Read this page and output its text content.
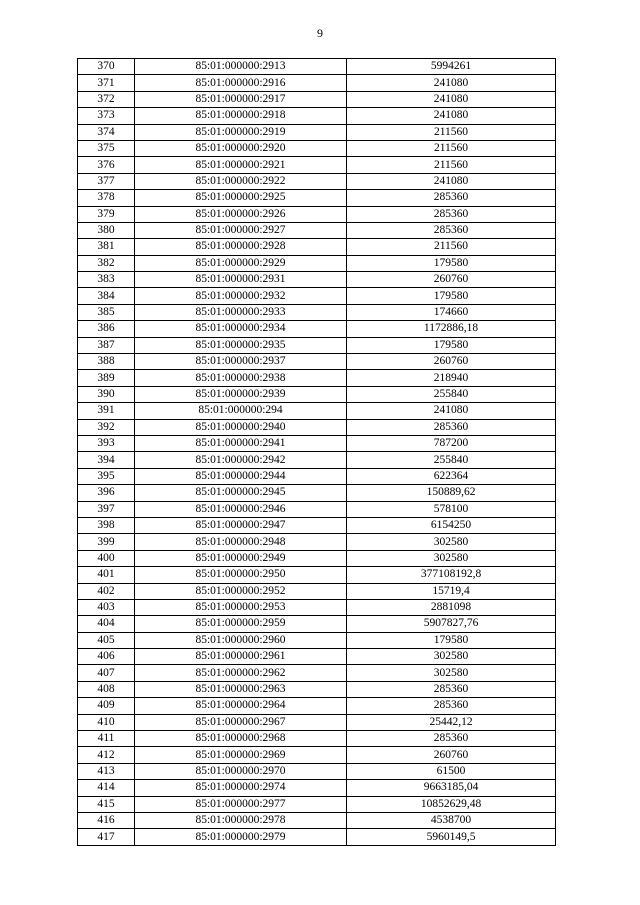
9
370	85:01:000000:2913	5994261
371	85:01:000000:2916	241080
372	85:01:000000:2917	241080
373	85:01:000000:2918	241080
374	85:01:000000:2919	211560
375	85:01:000000:2920	211560
376	85:01:000000:2921	211560
377	85:01:000000:2922	241080
378	85:01:000000:2925	285360
379	85:01:000000:2926	285360
380	85:01:000000:2927	285360
381	85:01:000000:2928	211560
382	85:01:000000:2929	179580
383	85:01:000000:2931	260760
384	85:01:000000:2932	179580
385	85:01:000000:2933	174660
386	85:01:000000:2934	1172886,18
387	85:01:000000:2935	179580
388	85:01:000000:2937	260760
389	85:01:000000:2938	218940
390	85:01:000000:2939	255840
391	85:01:000000:294	241080
392	85:01:000000:2940	285360
393	85:01:000000:2941	787200
394	85:01:000000:2942	255840
395	85:01:000000:2944	622364
396	85:01:000000:2945	150889,62
397	85:01:000000:2946	578100
398	85:01:000000:2947	6154250
399	85:01:000000:2948	302580
400	85:01:000000:2949	302580
401	85:01:000000:2950	377108192,8
402	85:01:000000:2952	15719,4
403	85:01:000000:2953	2881098
404	85:01:000000:2959	5907827,76
405	85:01:000000:2960	179580
406	85:01:000000:2961	302580
407	85:01:000000:2962	302580
408	85:01:000000:2963	285360
409	85:01:000000:2964	285360
410	85:01:000000:2967	25442,12
411	85:01:000000:2968	285360
412	85:01:000000:2969	260760
413	85:01:000000:2970	61500
414	85:01:000000:2974	9663185,04
415	85:01:000000:2977	10852629,48
416	85:01:000000:2978	4538700
417	85:01:000000:2979	5960149,5
